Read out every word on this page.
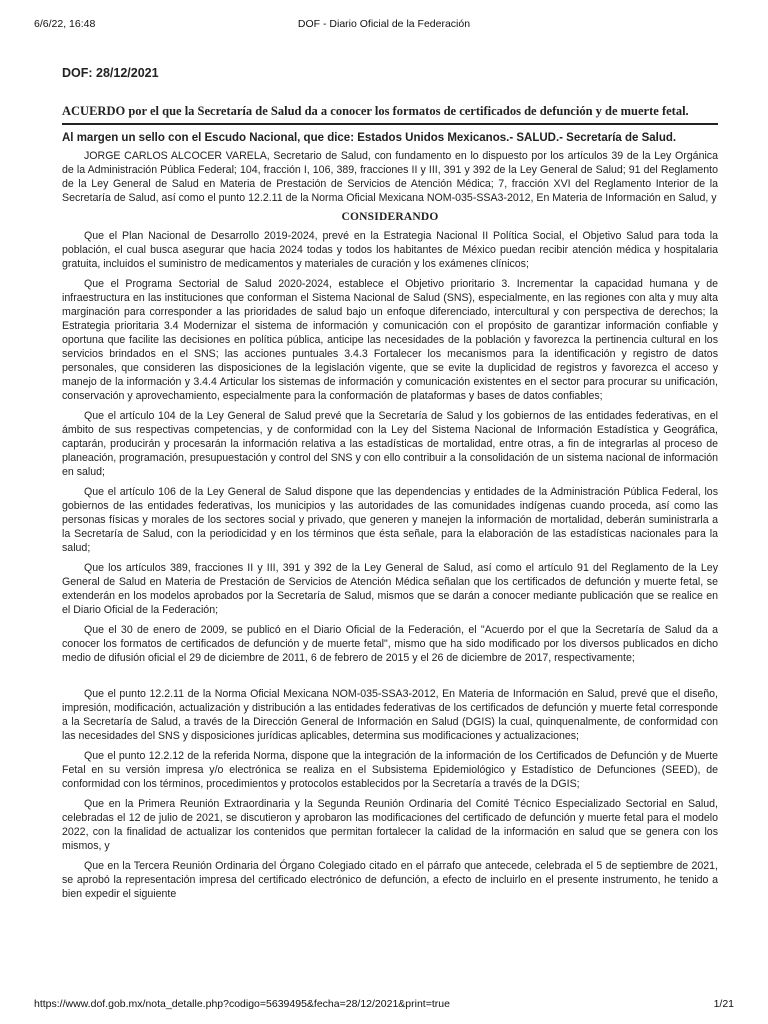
6/6/22, 16:48	DOF - Diario Oficial de la Federación
DOF: 28/12/2021
ACUERDO por el que la Secretaría de Salud da a conocer los formatos de certificados de defunción y de muerte fetal.
Al margen un sello con el Escudo Nacional, que dice: Estados Unidos Mexicanos.- SALUD.- Secretaría de Salud.

JORGE CARLOS ALCOCER VARELA, Secretario de Salud, con fundamento en lo dispuesto por los artículos 39 de la Ley Orgánica de la Administración Pública Federal; 104, fracción I, 106, 389, fracciones II y III, 391 y 392 de la Ley General de Salud; 91 del Reglamento de la Ley General de Salud en Materia de Prestación de Servicios de Atención Médica; 7, fracción XVI del Reglamento Interior de la Secretaría de Salud, así como el punto 12.2.11 de la Norma Oficial Mexicana NOM-035-SSA3-2012, En Materia de Información en Salud, y

CONSIDERANDO

Que el Plan Nacional de Desarrollo 2019-2024, prevé en la Estrategia Nacional II Política Social, el Objetivo Salud para toda la población, el cual busca asegurar que hacia 2024 todas y todos los habitantes de México puedan recibir atención médica y hospitalaria gratuita, incluidos el suministro de medicamentos y materiales de curación y los exámenes clínicos;

Que el Programa Sectorial de Salud 2020-2024, establece el Objetivo prioritario 3. Incrementar la capacidad humana y de infraestructura en las instituciones que conforman el Sistema Nacional de Salud (SNS), especialmente, en las regiones con alta y muy alta marginación para corresponder a las prioridades de salud bajo un enfoque diferenciado, intercultural y con perspectiva de derechos; la Estrategia prioritaria 3.4 Modernizar el sistema de información y comunicación con el propósito de garantizar información confiable y oportuna que facilite las decisiones en política pública, anticipe las necesidades de la población y favorezca la pertinencia cultural en los servicios brindados en el SNS; las acciones puntuales 3.4.3 Fortalecer los mecanismos para la identificación y registro de datos personales, que consideren las disposiciones de la legislación vigente, que se evite la duplicidad de registros y favorezca el acceso y manejo de la información y 3.4.4 Articular los sistemas de información y comunicación existentes en el sector para procurar su unificación, conservación y aprovechamiento, especialmente para la conformación de plataformas y bases de datos confiables;

Que el artículo 104 de la Ley General de Salud prevé que la Secretaría de Salud y los gobiernos de las entidades federativas, en el ámbito de sus respectivas competencias, y de conformidad con la Ley del Sistema Nacional de Información Estadística y Geográfica, captarán, producirán y procesarán la información relativa a las estadísticas de mortalidad, entre otras, a fin de integrarlas al proceso de planeación, programación, presupuestación y control del SNS y con ello contribuir a la consolidación de un sistema nacional de información en salud;

Que el artículo 106 de la Ley General de Salud dispone que las dependencias y entidades de la Administración Pública Federal, los gobiernos de las entidades federativas, los municipios y las autoridades de las comunidades indígenas cuando proceda, así como las personas físicas y morales de los sectores social y privado, que generen y manejen la información de mortalidad, deberán suministrarla a la Secretaría de Salud, con la periodicidad y en los términos que ésta señale, para la elaboración de las estadísticas nacionales para la salud;

Que los artículos 389, fracciones II y III, 391 y 392 de la Ley General de Salud, así como el artículo 91 del Reglamento de la Ley General de Salud en Materia de Prestación de Servicios de Atención Médica señalan que los certificados de defunción y muerte fetal, se extenderán en los modelos aprobados por la Secretaría de Salud, mismos que se darán a conocer mediante publicación que se realice en el Diario Oficial de la Federación;

Que el 30 de enero de 2009, se publicó en el Diario Oficial de la Federación, el "Acuerdo por el que la Secretaría de Salud da a conocer los formatos de certificados de defunción y de muerte fetal", mismo que ha sido modificado por los diversos publicados en dicho medio de difusión oficial el 29 de diciembre de 2011, 6 de febrero de 2015 y el 26 de diciembre de 2017, respectivamente;

Que el punto 12.2.11 de la Norma Oficial Mexicana NOM-035-SSA3-2012, En Materia de Información en Salud, prevé que el diseño, impresión, modificación, actualización y distribución a las entidades federativas de los certificados de defunción y muerte fetal corresponde a la Secretaría de Salud, a través de la Dirección General de Información en Salud (DGIS) la cual, quinquenalmente, de conformidad con las necesidades del SNS y disposiciones jurídicas aplicables, determina sus modificaciones y actualizaciones;

Que el punto 12.2.12 de la referida Norma, dispone que la integración de la información de los Certificados de Defunción y de Muerte Fetal en su versión impresa y/o electrónica se realiza en el Subsistema Epidemiológico y Estadístico de Defunciones (SEED), de conformidad con los términos, procedimientos y protocolos establecidos por la Secretaría a través de la DGIS;

Que en la Primera Reunión Extraordinaria y la Segunda Reunión Ordinaria del Comité Técnico Especializado Sectorial en Salud, celebradas el 12 de julio de 2021, se discutieron y aprobaron las modificaciones del certificado de defunción y muerte fetal para el modelo 2022, con la finalidad de actualizar los contenidos que permitan fortalecer la calidad de la información en salud que se genera con los mismos, y

Que en la Tercera Reunión Ordinaria del Órgano Colegiado citado en el párrafo que antecede, celebrada el 5 de septiembre de 2021, se aprobó la representación impresa del certificado electrónico de defunción, a efecto de incluirlo en el presente instrumento, he tenido a bien expedir el siguiente

https://www.dof.gob.mx/nota_detalle.php?codigo=5639495&fecha=28/12/2021&print=true	1/21
